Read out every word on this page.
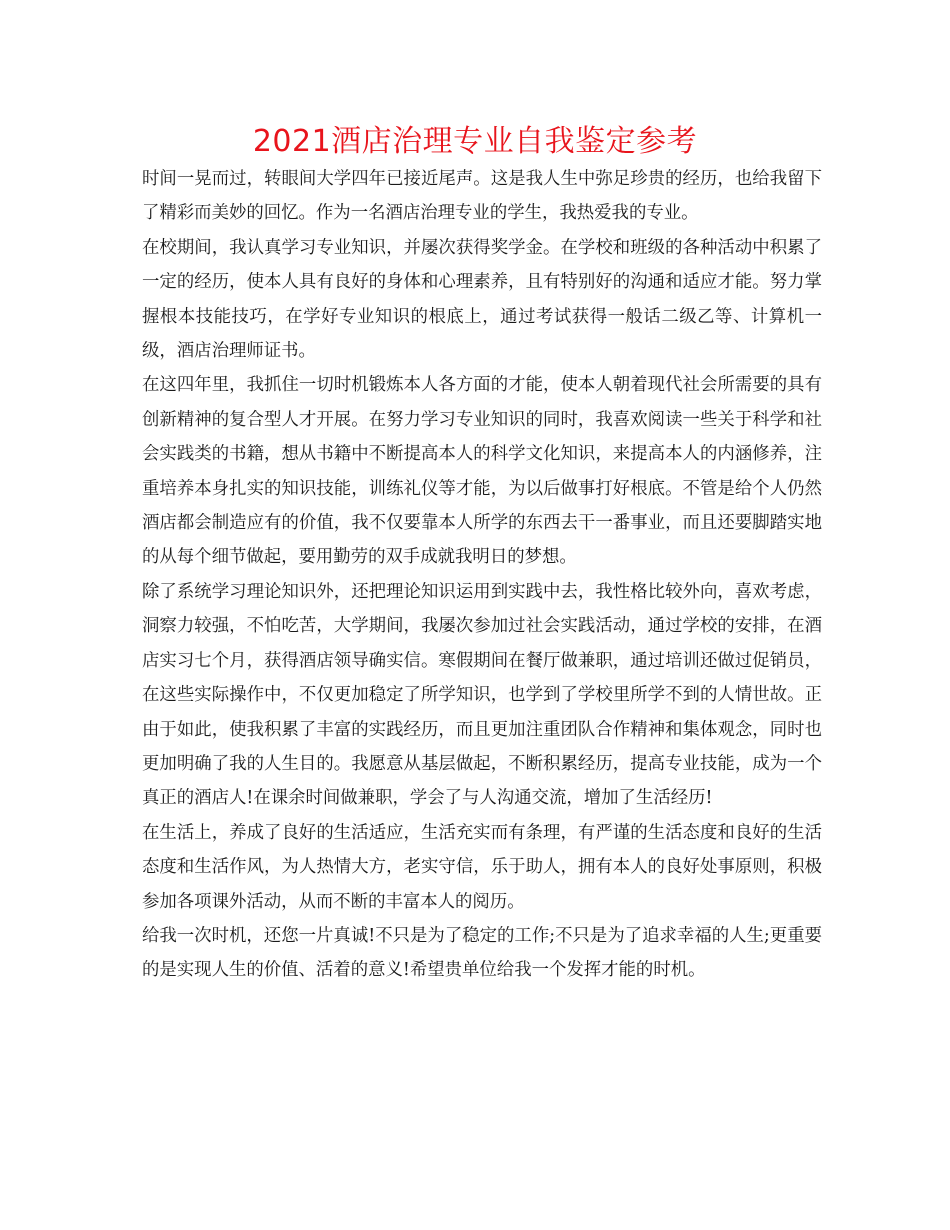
2021酒店治理专业自我鉴定参考

时间一晃而过，转眼间大学四年已接近尾声。这是我人生中弥足珍贵的经历，也给我留下了精彩而美妙的回忆。作为一名酒店治理专业的学生，我热爱我的专业。

在校期间，我认真学习专业知识，并屡次获得奖学金。在学校和班级的各种活动中积累了一定的经历，使本人具有良好的身体和心理素养，且有特别好的沟通和适应才能。努力掌握根本技能技巧，在学好专业知识的根底上，通过考试获得一般话二级乙等、计算机一级，酒店治理师证书。

在这四年里，我抓住一切时机锻炼本人各方面的才能，使本人朝着现代社会所需要的具有创新精神的复合型人才开展。在努力学习专业知识的同时，我喜欢阅读一些关于科学和社会实践类的书籍，想从书籍中不断提高本人的科学文化知识，来提高本人的内涵修养，注重培养本身扎实的知识技能，训练礼仪等才能，为以后做事打好根底。不管是给个人仍然酒店都会制造应有的价值，我不仅要靠本人所学的东西去干一番事业，而且还要脚踏实地的从每个细节做起，要用勤劳的双手成就我明日的梦想。

除了系统学习理论知识外，还把理论知识运用到实践中去，我性格比较外向，喜欢考虑，洞察力较强，不怕吃苦，大学期间，我屡次参加过社会实践活动，通过学校的安排，在酒店实习七个月，获得酒店领导确实信。寒假期间在餐厅做兼职，通过培训还做过促销员，在这些实际操作中，不仅更加稳定了所学知识，也学到了学校里所学不到的人情世故。正由于如此，使我积累了丰富的实践经历，而且更加注重团队合作精神和集体观念，同时也更加明确了我的人生目的。我愿意从基层做起，不断积累经历，提高专业技能，成为一个真正的酒店人!在课余时间做兼职，学会了与人沟通交流，增加了生活经历!

在生活上，养成了良好的生活适应，生活充实而有条理，有严谨的生活态度和良好的生活态度和生活作风，为人热情大方，老实守信，乐于助人，拥有本人的良好处事原则，积极参加各项课外活动，从而不断的丰富本人的阅历。

给我一次时机，还您一片真诚!不只是为了稳定的工作;不只是为了追求幸福的人生;更重要的是实现人生的价值、活着的意义!希望贵单位给我一个发挥才能的时机。
